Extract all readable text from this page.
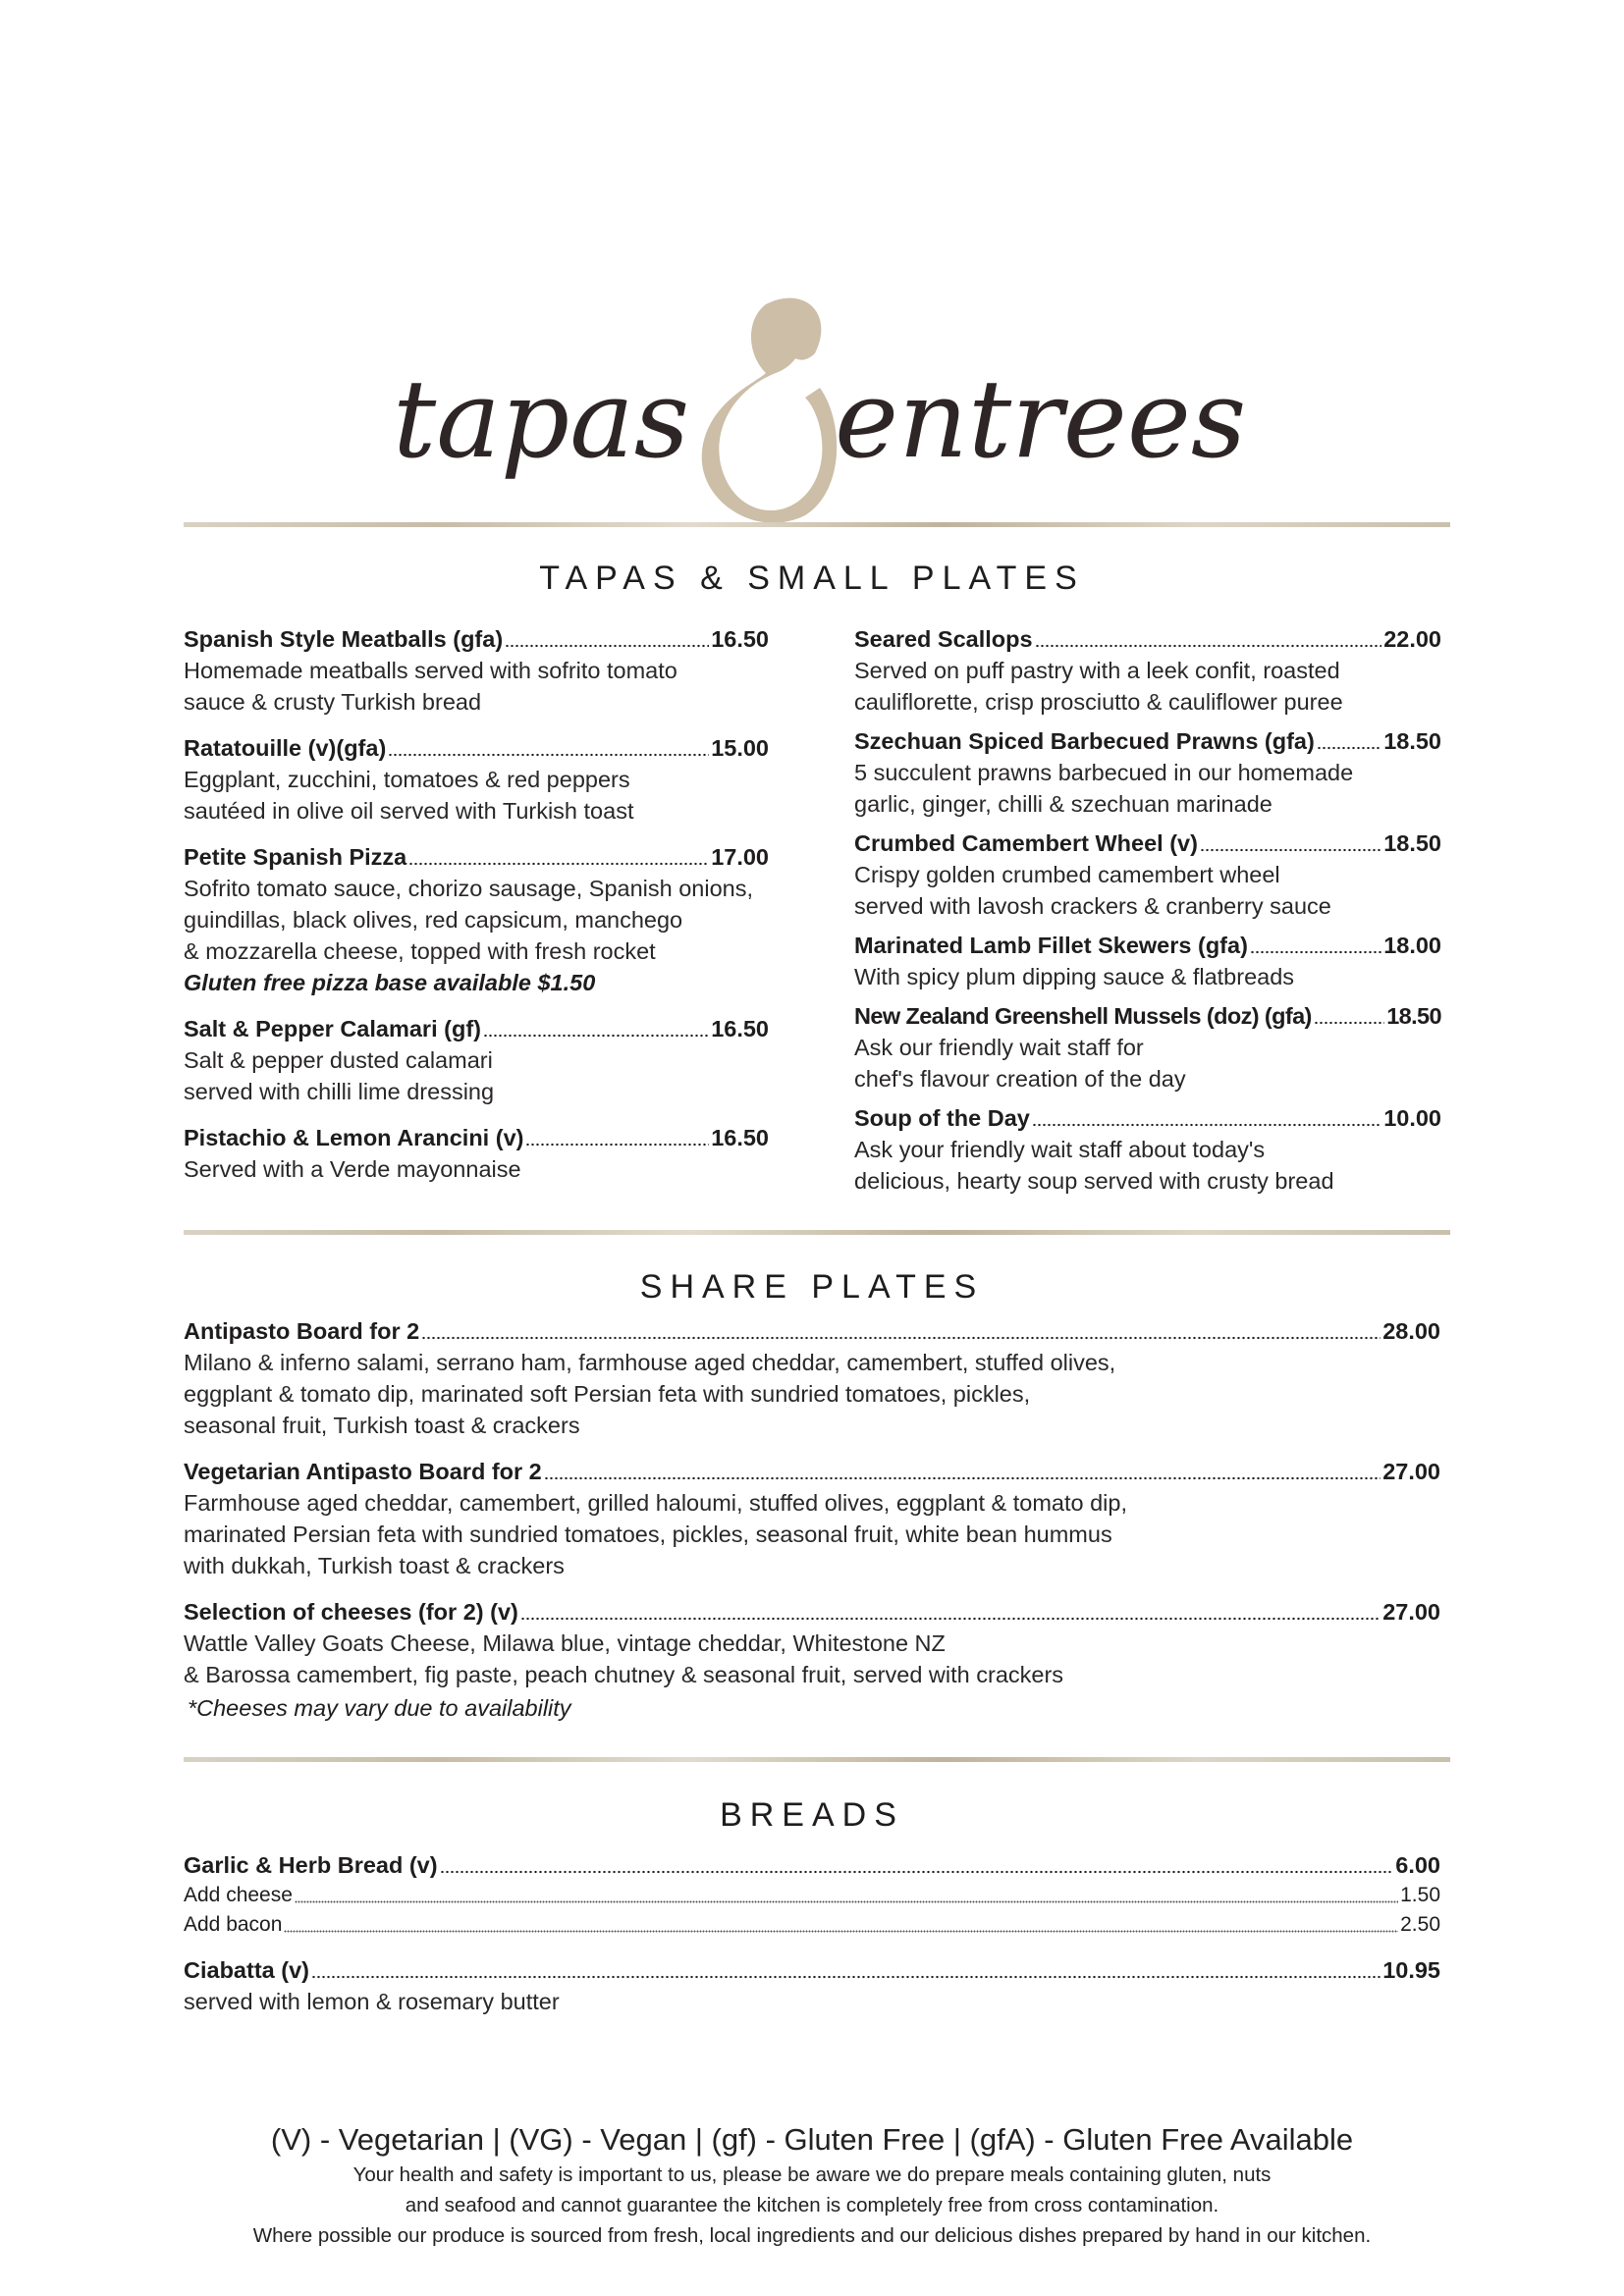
tapas entrees
TAPAS & SMALL PLATES
Spanish Style Meatballs (gfa)	16.50
Homemade meatballs served with sofrito tomato
sauce & crusty Turkish bread
Ratatouille (v)(gfa)	15.00
Eggplant, zucchini, tomatoes & red peppers
sautéed in olive oil served with Turkish toast
Petite Spanish Pizza	17.00
Sofrito tomato sauce, chorizo sausage, Spanish onions,
guindillas, black olives, red capsicum, manchego
& mozzarella cheese, topped with fresh rocket
Gluten free pizza base available $1.50
Salt & Pepper Calamari (gf)	16.50
Salt & pepper dusted calamari
served with chilli lime dressing
Pistachio & Lemon Arancini (v)	16.50
Served with a Verde mayonnaise
Seared Scallops	22.00
Served on puff pastry with a leek confit, roasted
cauliflorette, crisp prosciutto & cauliflower puree
Szechuan Spiced Barbecued Prawns (gfa)	18.50
5 succulent prawns barbecued in our homemade
garlic, ginger, chilli & szechuan marinade
Crumbed Camembert Wheel (v)	18.50
Crispy golden crumbed camembert wheel
served with lavosh crackers & cranberry sauce
Marinated Lamb Fillet Skewers (gfa)	18.00
With spicy plum dipping sauce & flatbreads
New Zealand Greenshell Mussels (doz) (gfa)	18.50
Ask our friendly wait staff for
chef's flavour creation of the day
Soup of the Day	10.00
Ask your friendly wait staff about today's
delicious, hearty soup served with crusty bread
SHARE PLATES
Antipasto Board for 2	28.00
Milano & inferno salami, serrano ham, farmhouse aged cheddar, camembert, stuffed olives,
eggplant & tomato dip, marinated soft Persian feta with sundried tomatoes, pickles,
seasonal fruit, Turkish toast & crackers
Vegetarian Antipasto Board for 2	27.00
Farmhouse aged cheddar, camembert, grilled haloumi, stuffed olives, eggplant & tomato dip,
marinated Persian feta with sundried tomatoes, pickles, seasonal fruit, white bean hummus
with dukkah, Turkish toast & crackers
Selection of cheeses (for 2) (v)	27.00
Wattle Valley Goats Cheese, Milawa blue, vintage cheddar, Whitestone NZ
& Barossa camembert, fig paste, peach chutney & seasonal fruit, served with crackers
*Cheeses may vary due to availability
BREADS
Garlic & Herb Bread (v)	6.00
Add cheese	1.50
Add bacon	2.50
Ciabatta (v)	10.95
served with lemon & rosemary butter
(V) - Vegetarian | (VG) - Vegan | (gf) - Gluten Free | (gfA) - Gluten Free Available
Your health and safety is important to us, please be aware we do prepare meals containing gluten, nuts
and seafood and cannot guarantee the kitchen is completely free from cross contamination.
Where possible our produce is sourced from fresh, local ingredients and our delicious dishes prepared by hand in our kitchen.
